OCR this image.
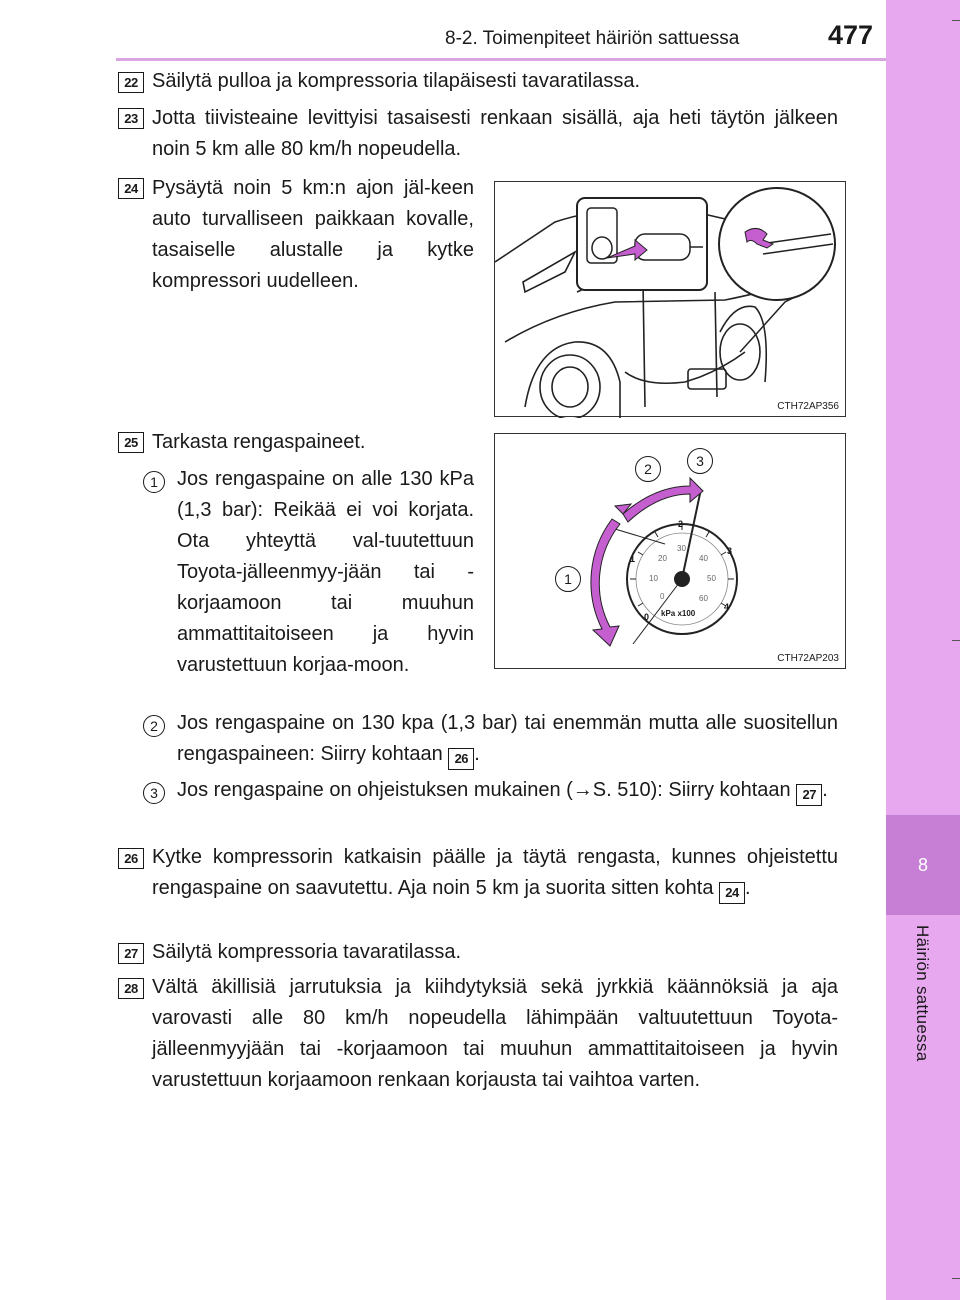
8-2. Toimenpiteet häiriön sattuessa	477
8
Häiriön sattuessa
22 Säilytä pulloa ja kompressoria tilapäisesti tavaratilassa.
23 Jotta tiivisteaine levittyisi tasaisesti renkaan sisällä, aja heti täytön jälkeen noin 5 km alle 80 km/h nopeudella.
24 Pysäytä noin 5 km:n ajon jäl-keen auto turvalliseen paikkaan kovalle, tasaiselle alustalle ja kytke kompressori uudelleen.
CTH72AP356
25 Tarkasta rengaspaineet.
1 Jos rengaspaine on alle 130 kPa (1,3 bar): Reikää ei voi korjata. Ota yhteyttä val-tuutettuun Toyota-jälleenmyy-jään tai -korjaamoon tai muuhun ammattitaitoiseen ja hyvin varustettuun korjaa-moon.
1
2	3
0
1
2
3
4
0
10
20
30
40
50
60
kPa x100
CTH72AP203
2 Jos rengaspaine on 130 kpa (1,3 bar) tai enemmän mutta alle suositellun rengaspaineen: Siirry kohtaan 26 .
3 Jos rengaspaine on ohjeistuksen mukainen (→S. 510): Siirry kohtaan 27 .
26 Kytke kompressorin katkaisin päälle ja täytä rengasta, kunnes ohjeistettu rengaspaine on saavutettu. Aja noin 5 km ja suorita sitten kohta 24 .
27 Säilytä kompressoria tavaratilassa.
28 Vältä äkillisiä jarrutuksia ja kiihdytyksiä sekä jyrkkiä käännöksiä ja aja varovasti alle 80 km/h nopeudella lähimpään valtuutettuun Toyota-jälleenmyyjään tai -korjaamoon tai muuhun ammattitaitoiseen ja hyvin varustettuun korjaamoon renkaan korjausta tai vaihtoa varten.
